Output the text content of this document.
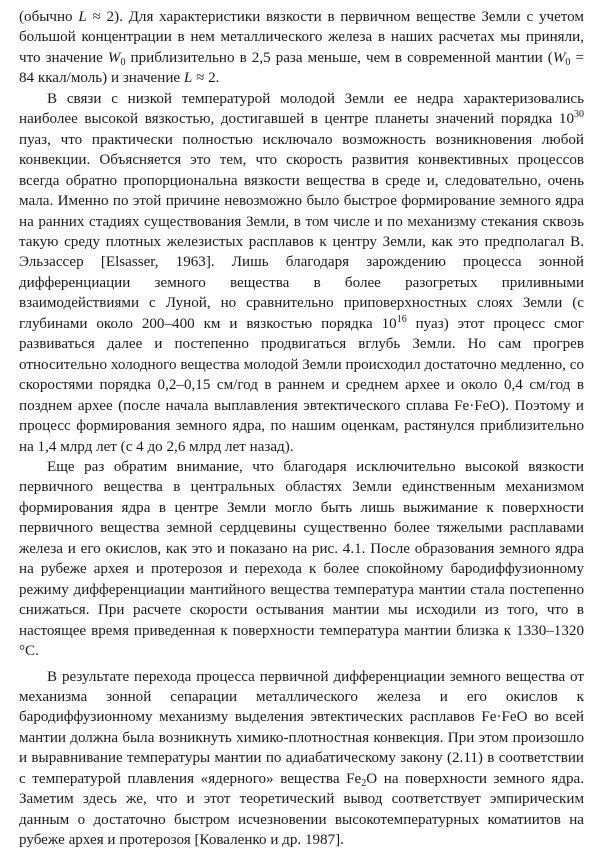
(обычно L ≈ 2). Для характеристики вязкости в первичном веществе Земли с учетом большой концентрации в нем металлического железа в наших расчетах мы приняли, что значение $W_0$ приблизительно в 2,5 раза меньше, чем в современной мантии ($W_0 = 84$ ккал/моль) и значение L ≈ 2.

В связи с низкой температурой молодой Земли ее недра характеризовались наиболее высокой вязкостью, достигавшей в центре планеты значений порядка $10^{30}$ пуаз, что практически полностью исключало возможность возникновения любой конвекции. Объясняется это тем, что скорость развития конвективных процессов всегда обратно пропорциональна вязкости вещества в среде и, следовательно, очень мала. Именно по этой причине невозможно было быстрое формирование земного ядра на ранних стадиях существования Земли, в том числе и по механизму стекания сквозь такую среду плотных железистых расплавов к центру Земли, как это предполагал В. Эльзассер [Elsasser, 1963]. Лишь благодаря зарождению процесса зонной дифференциации земного вещества в более разогретых приливными взаимодействиями с Луной, но сравнительно приповерхностных слоях Земли (с глубинами около 200–400 км и вязкостью порядка $10^{16}$ пуаз) этот процесс смог развиваться далее и постепенно продвигаться вглубь Земли. Но сам прогрев относительно холодного вещества молодой Земли происходил достаточно медленно, со скоростями порядка 0,2–0,15 см/год в раннем и среднем архее и около 0,4 см/год в позднем архее (после начала выплавления эвтектического сплава Fe·FeO). Поэтому и процесс формирования земного ядра, по нашим оценкам, растянулся приблизительно на 1,4 млрд лет (с 4 до 2,6 млрд лет назад).

Еще раз обратим внимание, что благодаря исключительно высокой вязкости первичного вещества в центральных областях Земли единственным механизмом формирования ядра в центре Земли могло быть лишь выжимание к поверхности первичного вещества земной сердцевины существенно более тяжелыми расплавами железа и его окислов, как это и показано на рис. 4.1. После образования земного ядра на рубеже архея и протерозоя и перехода к более спокойному бародиффузионному режиму дифференциации мантийного вещества температура мантии стала постепенно снижаться. При расчете скорости остывания мантии мы исходили из того, что в настоящее время приведенная к поверхности температура мантии близка к 1330–1320 °С.

В результате перехода процесса первичной дифференциации земного вещества от механизма зонной сепарации металлического железа и его окислов к бародиффузионному механизму выделения эвтектических расплавов Fe·FeO во всей мантии должна была возникнуть химико-плотностная конвекция. При этом произошло и выравнивание температуры мантии по адиабатическому закону (2.11) в соответствии с температурой плавления «ядерного» вещества $Fe_2O$ на поверхности земного ядра. Заметим здесь же, что и этот теоретический вывод соответствует эмпирическим данным о достаточно быстром исчезновении высокотемпературных коматиитов на рубеже архея и протерозоя [Коваленко и др. 1987].
